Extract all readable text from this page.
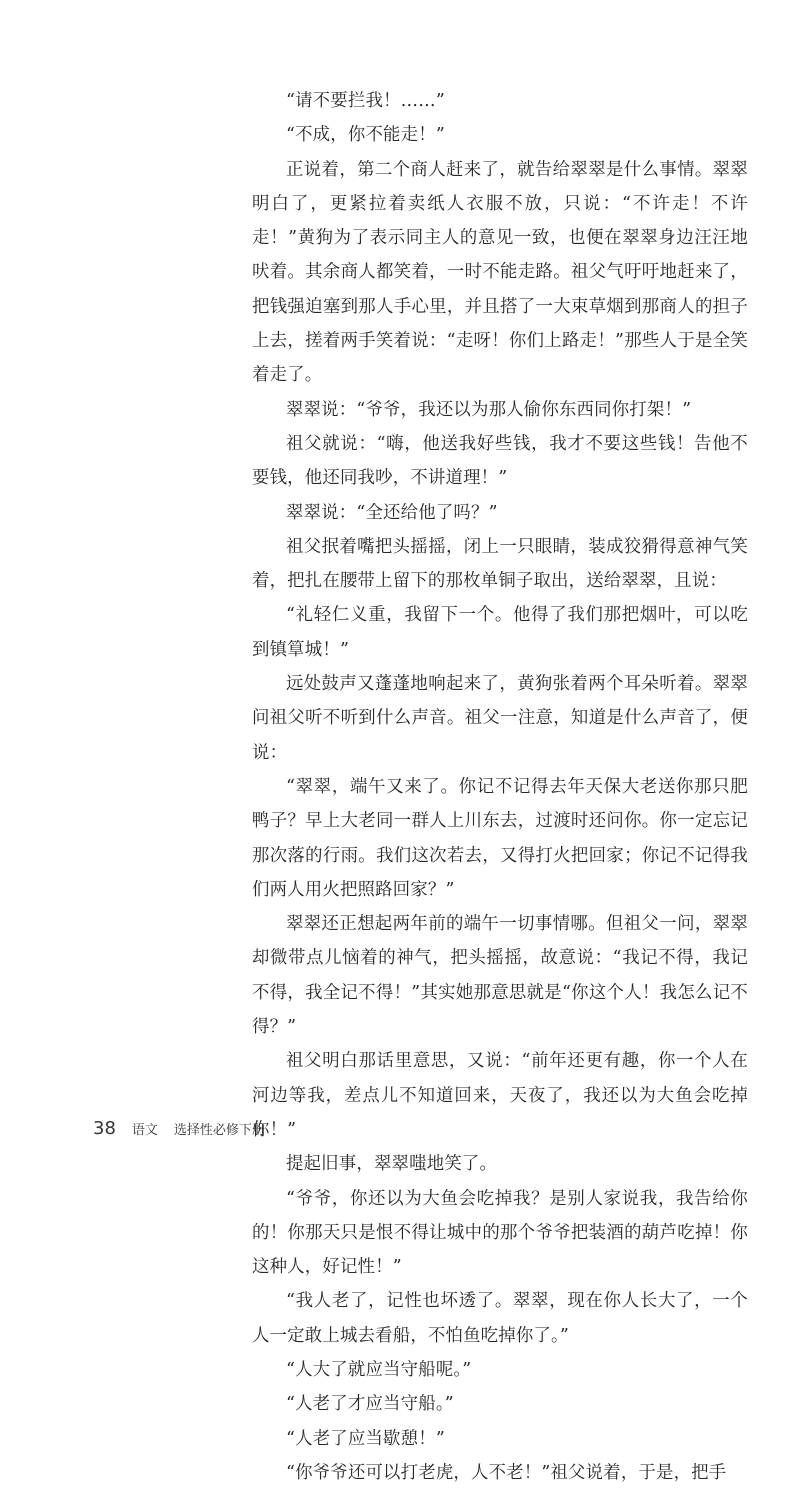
“请不要拦我！……”

“不成，你不能走！”

正说着，第二个商人赶来了，就告给翠翠是什么事情。翠翠明白了，更紧拉着卖纸人衣服不放，只说：“不许走！不许走！”黄狗为了表示同主人的意见一致，也便在翠翠身边汪汪地吠着。其余商人都笑着，一时不能走路。祖父气吁吁地赶来了，把钱强迫塞到那人手心里，并且搭了一大束草烟到那商人的担子上去，搓着两手笑着说：“走呀！你们上路走！”那些人于是全笑着走了。

翠翠说：“爷爷，我还以为那人偷你东西同你打架！”

祖父就说：“嗨，他送我好些钱，我才不要这些钱！告他不要钱，他还同我吵，不讲道理！”

翠翠说：“全还给他了吗？”

祖父抿着嘴把头摇摇，闭上一只眼睛，装成狡猾得意神气笑着，把扎在腰带上留下的那枚单铜子取出，送给翠翠，且说：

“礼轻仁义重，我留下一个。他得了我们那把烟叶，可以吃到镇筸城！”

远处鼓声又蓬蓬地响起来了，黄狗张着两个耳朵听着。翠翠问祖父听不听到什么声音。祖父一注意，知道是什么声音了，便说：

“翠翠，端午又来了。你记不记得去年天保大老送你那只肥鸭子？早上大老同一群人上川东去，过渡时还问你。你一定忘记那次落的行雨。我们这次若去，又得打火把回家；你记不记得我们两人用火把照路回家？”

翠翠还正想起两年前的端午一切事情哪。但祖父一问，翠翠却微带点儿恼着的神气，把头摇摇，故意说：“我记不得，我记不得，我全记不得！”其实她那意思就是“你这个人！我怎么记不得？”

祖父明白那话里意思，又说：“前年还更有趣，你一个人在河边等我，差点儿不知道回来，天夜了，我还以为大鱼会吃掉你！”

提起旧事，翠翠嗤地笑了。

“爷爷，你还以为大鱼会吃掉我？是别人家说我，我告给你的！你那天只是恨不得让城中的那个爷爷把装酒的葫芦吃掉！你这种人，好记性！”

“我人老了，记性也坏透了。翠翠，现在你人长大了，一个人一定敢上城去看船，不怕鱼吃掉你了。”

“人大了就应当守船呢。”

“人老了才应当守船。”

“人老了应当歇憩！”

“你爷爷还可以打老虎，人不老！”祖父说着，于是，把手

38 语文 选择性必修下册
